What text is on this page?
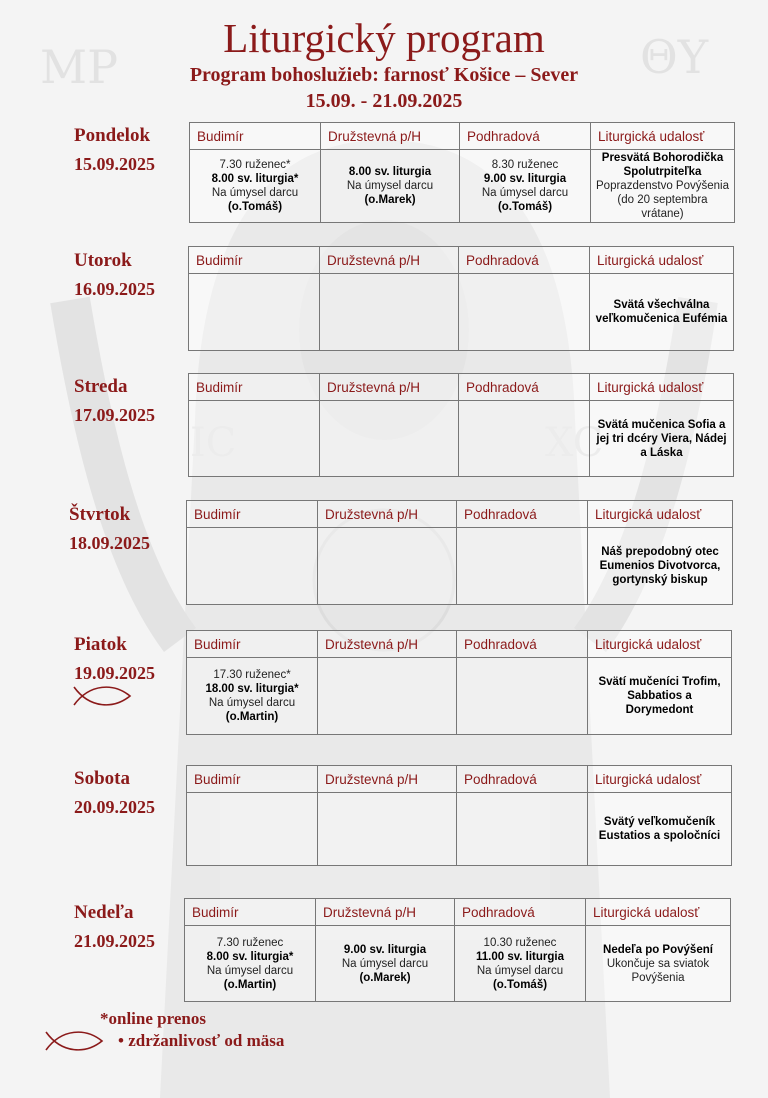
ΜΡ	ΘΥ
IC	XC
Liturgický program
Program bohoslužieb: farnosť Košice – Sever
15.09. - 21.09.2025
Pondelok
15.09.2025
Budimír	Družstevná p/H	Podhradová	Liturgická udalosť

7.30 ruženec*
8.00 sv. liturgia*
Na úmysel darcu
(o.Tomáš)	8.00 sv. liturgia
Na úmysel darcu
(o.Marek)	8.30 ruženec
9.00 sv. liturgia
Na úmysel darcu
(o.Tomáš)	Presvätá Bohorodička Spolutrpiteľka
Poprazdenstvo Povýšenia
(do 20 septembra vrátane)
Utorok
16.09.2025
Budimír	Družstevná p/H	Podhradová	Liturgická udalosť

			Svätá všechválna veľkomučenica Eufémia
Streda
17.09.2025
Budimír	Družstevná p/H	Podhradová	Liturgická udalosť

			Svätá mučenica Sofia a jej tri dcéry Viera, Nádej a Láska
Štvrtok
18.09.2025
Budimír	Družstevná p/H	Podhradová	Liturgická udalosť

			Náš prepodobný otec Eumenios Divotvorca, gortynský biskup
Piatok
19.09.2025
Budimír	Družstevná p/H	Podhradová	Liturgická udalosť

17.30 ruženec*
18.00 sv. liturgia*
Na úmysel darcu
(o.Martin)			Svätí mučeníci Trofim, Sabbatios a Dorymedont
Sobota
20.09.2025
Budimír	Družstevná p/H	Podhradová	Liturgická udalosť

			Svätý veľkomučeník Eustatios a spoločníci
Nedeľa
21.09.2025
Budimír	Družstevná p/H	Podhradová	Liturgická udalosť

7.30 ruženec
8.00 sv. liturgia*
Na úmysel darcu
(o.Martin)	9.00 sv. liturgia
Na úmysel darcu
(o.Marek)	10.30 ruženec
11.00 sv. liturgia
Na úmysel darcu
(o.Tomáš)	Nedeľa po Povýšení
Ukončuje sa sviatok Povýšenia
*online prenos
• zdržanlivosť od mäsa
